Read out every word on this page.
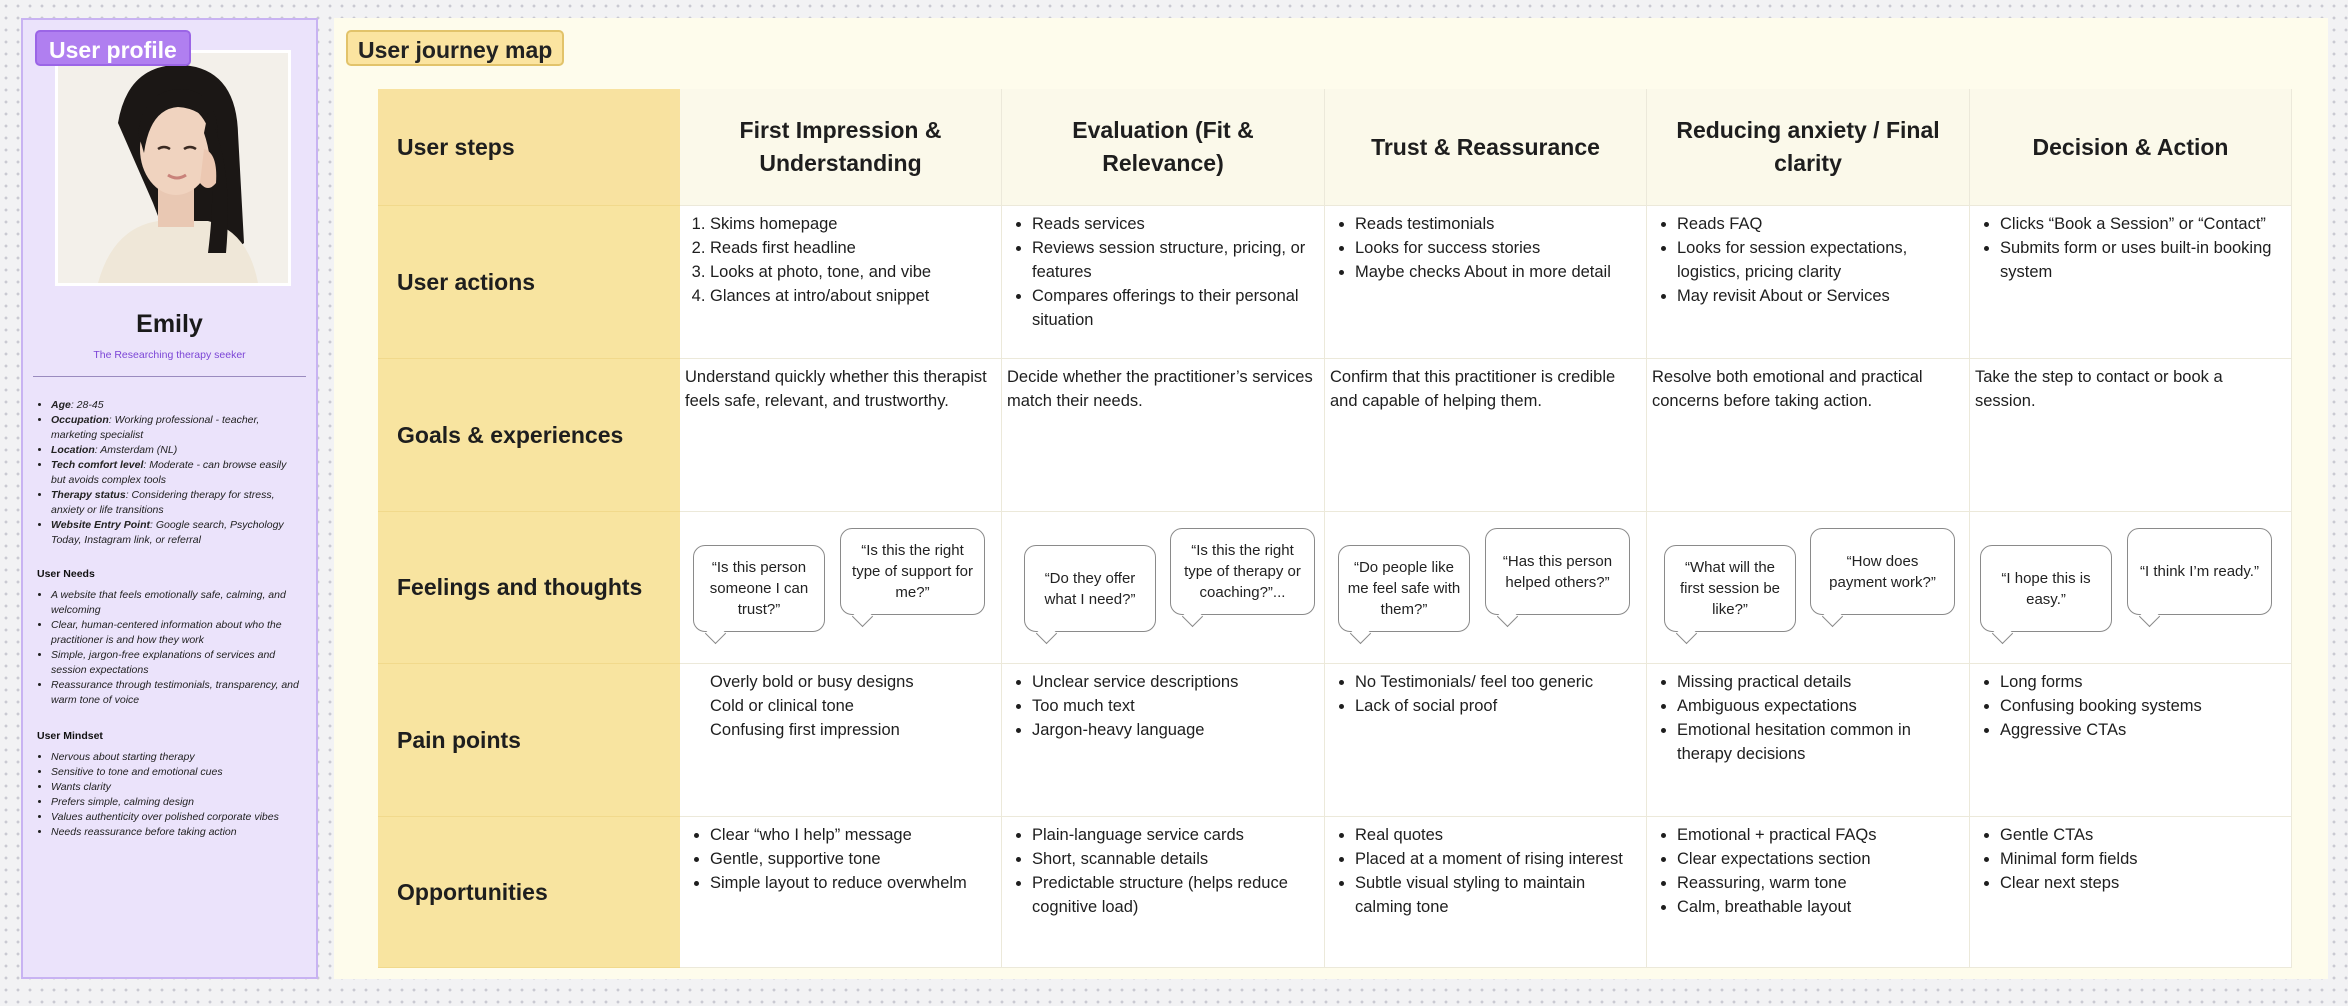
User profile
Emily
The Researching therapy seeker
• Age: 28-45
• Occupation: Working professional - teacher, marketing specialist
• Location: Amsterdam (NL)
• Tech comfort level: Moderate - can browse easily but avoids complex tools
• Therapy status: Considering therapy for stress, anxiety or life transitions
• Website Entry Point: Google search, Psychology Today, Instagram link, or referral
User Needs
• A website that feels emotionally safe, calming, and welcoming
• Clear, human-centered information about who the practitioner is and how they work
• Simple, jargon-free explanations of services and session expectations
• Reassurance through testimonials, transparency, and warm tone of voice
User Mindset
• Nervous about starting therapy
• Sensitive to tone and emotional cues
• Wants clarity
• Prefers simple, calming design
• Values authenticity over polished corporate vibes
• Needs reassurance before taking action
User journey map
User steps
First Impression & Understanding
Evaluation (Fit & Relevance)
Trust & Reassurance
Reducing anxiety / Final clarity
Decision & Action
User actions
1. Skims homepage
2. Reads first headline
3. Looks at photo, tone, and vibe
4. Glances at intro/about snippet
• Reads services
• Reviews session structure, pricing, or features
• Compares offerings to their personal situation
• Reads testimonials
• Looks for success stories
• Maybe checks About in more detail
• Reads FAQ
• Looks for session expectations, logistics, pricing clarity
• May revisit About or Services
• Clicks “Book a Session” or “Contact”
• Submits form or uses built-in booking system
Goals & experiences

Understand quickly whether this therapist feels safe, relevant, and trustworthy.

Decide whether the practitioner’s services match their needs.

Confirm that this practitioner is credible and capable of helping them.

Resolve both emotional and practical concerns before taking action.

Take the step to contact or book a session.

Feelings and thoughts
“Is this person someone I can trust?”
“Is this the right type of support for me?”
“Do they offer what I need?”
“Is this the right type of therapy or coaching?”...
“Do people like me feel safe with them?”
“Has this person helped others?”
“What will the first session be like?”
“How does payment work?”	“I hope this is easy.”
“I think I’m ready.”
Pain points
Overly bold or busy designs
Cold or clinical tone
Confusing first impression
• Unclear service descriptions
• Too much text
• Jargon-heavy language
• No Testimonials/ feel too generic
• Lack of social proof
• Missing practical details
• Ambiguous expectations
• Emotional hesitation common in therapy decisions
• Long forms
• Confusing booking systems
• Aggressive CTAs
Opportunities
• Clear “who I help” message
• Gentle, supportive tone
• Simple layout to reduce overwhelm
• Plain-language service cards
• Short, scannable details
• Predictable structure (helps reduce cognitive load)
• Real quotes
• Placed at a moment of rising interest
• Subtle visual styling to maintain calming tone
• Emotional + practical FAQs
• Clear expectations section
• Reassuring, warm tone
• Calm, breathable layout
• Gentle CTAs
• Minimal form fields
• Clear next steps
